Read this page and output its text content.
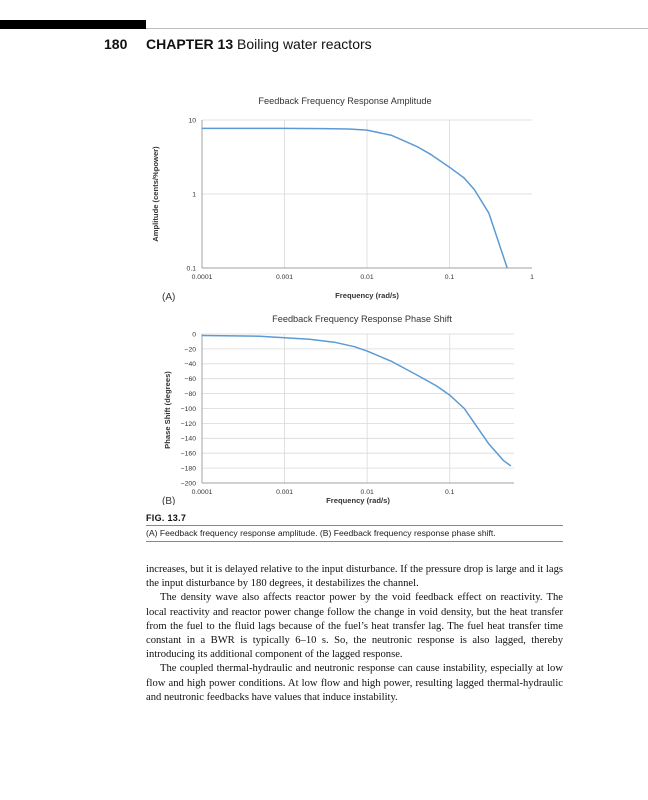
180 CHAPTER 13 Boiling water reactors
0.0001	0.001	0.01	0.1	1
0.1
1
10
Feedback Frequency Response Amplitude
Frequency (rad/s)
Amplitude (cents/%power)
(A)
0.0001	0.001	0.01	0.1
0
−20
−40
−60
−80
−100
−120
−140
−160
−180
−200
Feedback Frequency Response Phase Shift
Frequency (rad/s)
Phase Shift (degrees)
(B)
FIG. 13.7
(A) Feedback frequency response amplitude. (B) Feedback frequency response phase shift.

increases, but it is delayed relative to the input disturbance. If the pressure drop is large and it lags the input disturbance by 180 degrees, it destabilizes the channel.

The density wave also affects reactor power by the void feedback effect on reactivity. The local reactivity and reactor power change follow the change in void density, but the heat transfer from the fuel to the fluid lags because of the fuel’s heat transfer lag. The fuel heat transfer time constant in a BWR is typically 6–10 s. So, the neutronic response is also lagged, thereby introducing its additional component of the lagged response.

The coupled thermal-hydraulic and neutronic response can cause instability, especially at low flow and high power conditions. At low flow and high power, resulting lagged thermal-hydraulic and neutronic feedbacks have values that induce instability.
